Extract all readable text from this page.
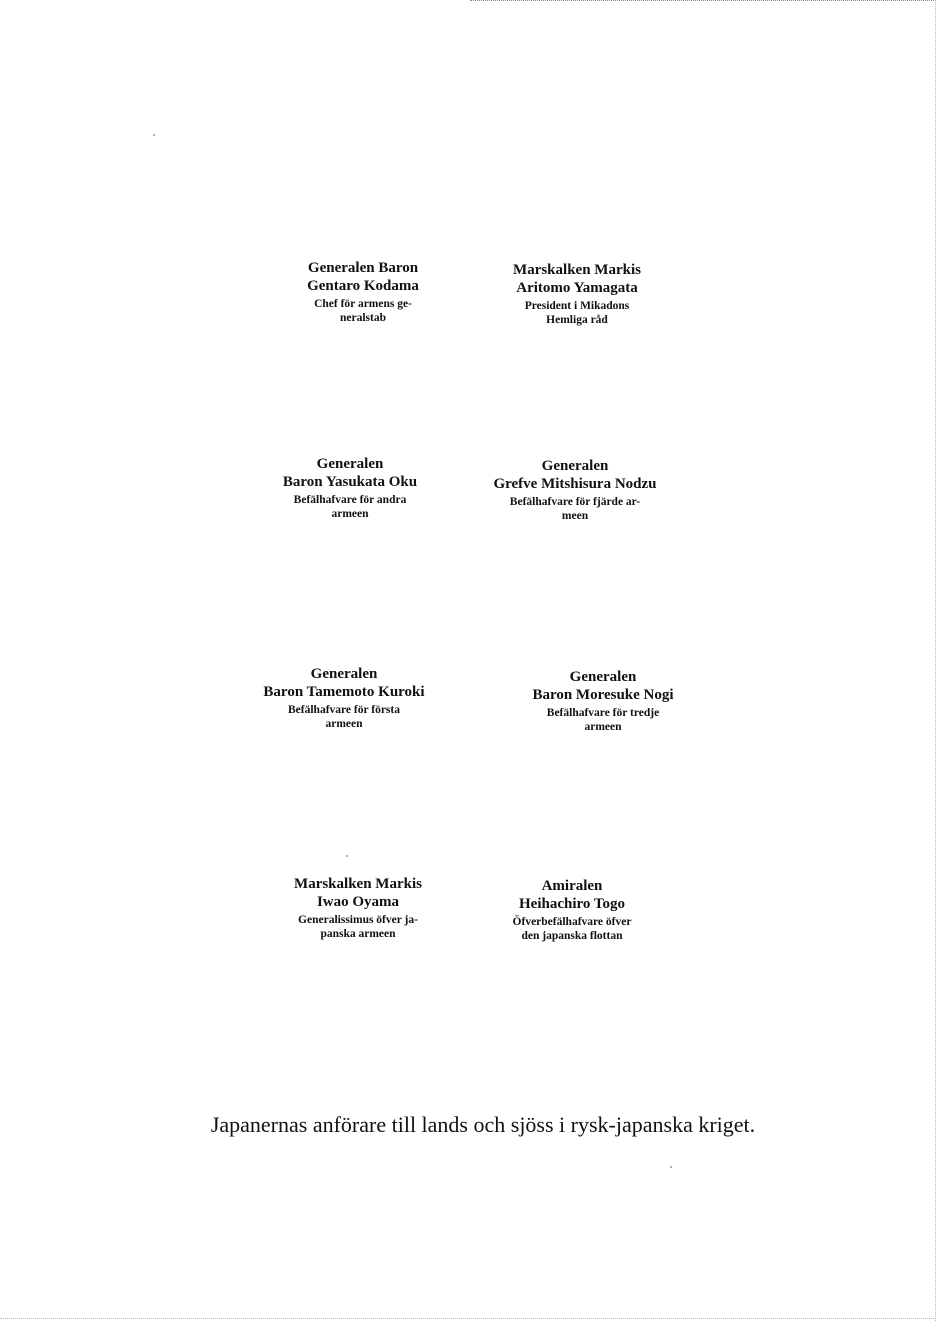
Generalen Baron
Gentaro Kodama
Chef för armens ge-
neralstab
Marskalken Markis
Aritomo Yamagata
President i Mikadons
Hemliga råd
Generalen
Baron Yasukata Oku
Befälhafvare för andra
armeen
Generalen
Grefve Mitshisura Nodzu
Befälhafvare för fjärde ar-
meen
Generalen
Baron Tamemoto Kuroki
Befälhafvare för första
armeen
Generalen
Baron Moresuke Nogi
Befälhafvare för tredje
armeen
Marskalken Markis
Iwao Oyama
Generalissimus öfver ja-
panska armeen
Amiralen
Heihachiro Togo
Öfverbefälhafvare öfver
den japanska flottan
Japanernas anförare till lands och sjöss i rysk-japanska kriget.
